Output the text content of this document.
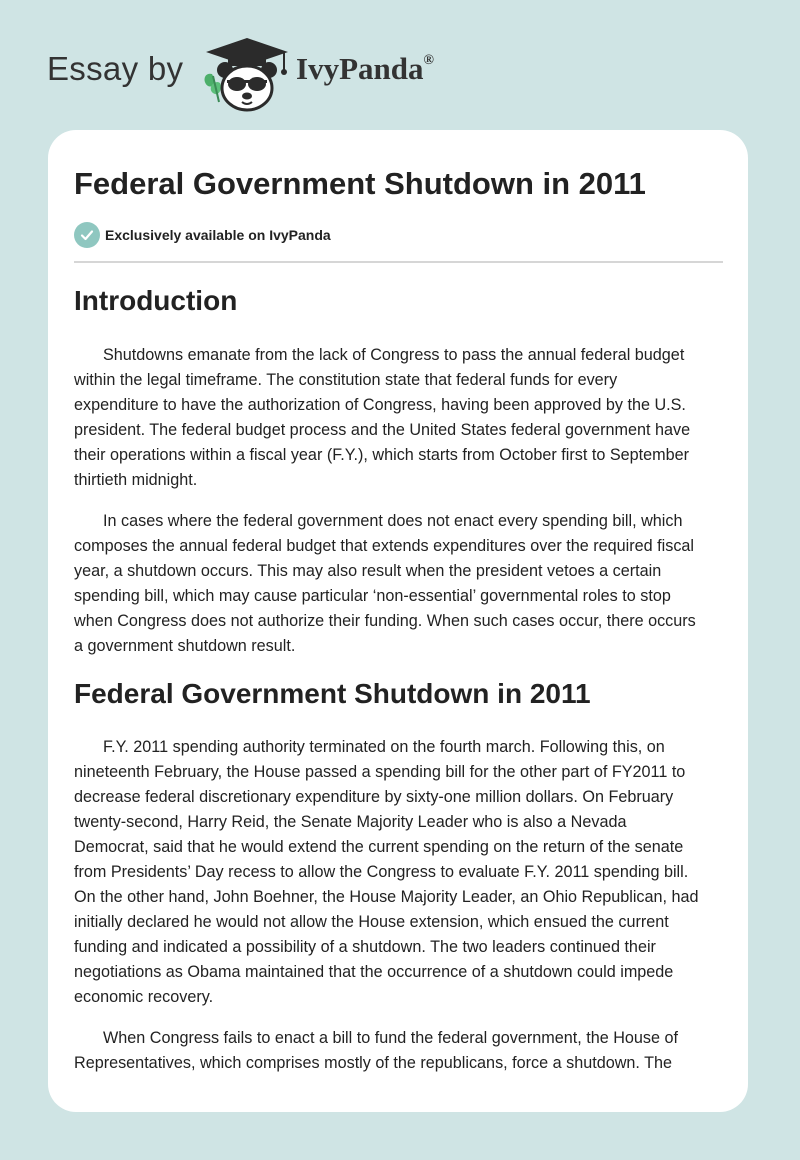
Essay by	IvyPanda®
Federal Government Shutdown in 2011
Exclusively available on IvyPanda
Introduction

Shutdowns emanate from the lack of Congress to pass the annual federal budget
within the legal timeframe. The constitution state that federal funds for every
expenditure to have the authorization of Congress, having been approved by the U.S.
president. The federal budget process and the United States federal government have
their operations within a fiscal year (F.Y.), which starts from October first to September
thirtieth midnight.

In cases where the federal government does not enact every spending bill, which
composes the annual federal budget that extends expenditures over the required fiscal
year, a shutdown occurs. This may also result when the president vetoes a certain
spending bill, which may cause particular ‘non-essential’ governmental roles to stop
when Congress does not authorize their funding. When such cases occur, there occurs
a government shutdown result.

Federal Government Shutdown in 2011

F.Y. 2011 spending authority terminated on the fourth march. Following this, on
nineteenth February, the House passed a spending bill for the other part of FY2011 to
decrease federal discretionary expenditure by sixty-one million dollars. On February
twenty-second, Harry Reid, the Senate Majority Leader who is also a Nevada
Democrat, said that he would extend the current spending on the return of the senate
from Presidents’ Day recess to allow the Congress to evaluate F.Y. 2011 spending bill.
On the other hand, John Boehner, the House Majority Leader, an Ohio Republican, had
initially declared he would not allow the House extension, which ensued the current
funding and indicated a possibility of a shutdown. The two leaders continued their
negotiations as Obama maintained that the occurrence of a shutdown could impede
economic recovery.

When Congress fails to enact a bill to fund the federal government, the House of
Representatives, which comprises mostly of the republicans, force a shutdown. The
